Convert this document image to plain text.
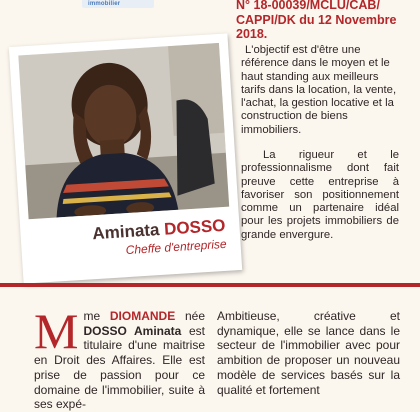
immobilier	N° 18-00039/MCLU/CAB/ CAPPI/DK du 12 Novembre 2018.
Aminata DOSSO
Cheffe d'entreprise

L'objectif est d'être une référence dans le moyen et le haut standing aux meilleurs tarifs dans la location, la vente, l'achat, la gestion locative et la construction de biens immobiliers.

La rigueur et le professionnalisme dont fait preuve cette entreprise à favoriser son positionnement comme un partenaire idéal pour les projets immobiliers de grande envergure.

Mme DIOMANDE née DOSSO Aminata est titulaire d'une maitrise en Droit des Affaires. Elle est prise de passion pour ce domaine de l'immobilier, suite à ses expé-
Ambitieuse, créative et dynamique, elle se lance dans le secteur de l'immobilier avec pour ambition de proposer un nouveau modèle de services basés sur la qualité et fortement
